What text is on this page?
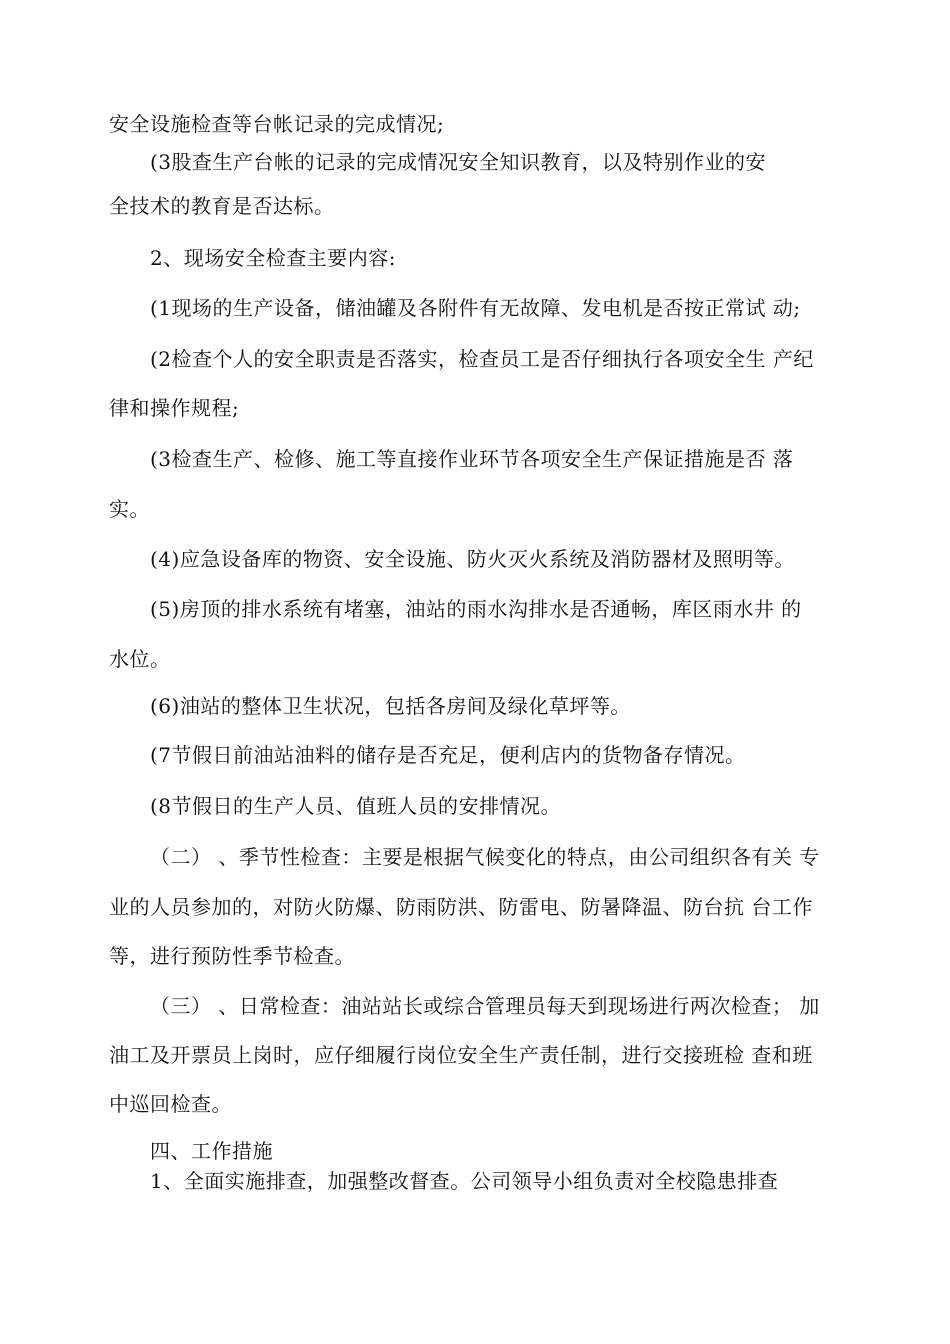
安全设施检查等台帐记录的完成情况;
(3股查生产台帐的记录的完成情况安全知识教育，以及特别作业的安
全技术的教育是否达标。
2、现场安全检查主要内容:
(1现场的生产设备，储油罐及各附件有无故障、发电机是否按正常试 动;
(2检查个人的安全职责是否落实，检查员工是否仔细执行各项安全生 产纪
律和操作规程;
(3检查生产、检修、施工等直接作业环节各项安全生产保证措施是否 落
实。
(4)应急设备库的物资、安全设施、防火灭火系统及消防器材及照明等。
(5)房顶的排水系统有堵塞，油站的雨水沟排水是否通畅，库区雨水井 的
水位。
(6)油站的整体卫生状况，包括各房间及绿化草坪等。
(7节假日前油站油料的储存是否充足，便利店内的货物备存情况。
(8节假日的生产人员、值班人员的安排情况。
（二） 、季节性检查：主要是根据气候变化的特点，由公司组织各有关 专
业的人员参加的，对防火防爆、防雨防洪、防雷电、防暑降温、防台抗 台工作
等，进行预防性季节检查。
（三） 、日常检查：油站站长或综合管理员每天到现场进行两次检查； 加
油工及开票员上岗时，应仔细履行岗位安全生产责任制，进行交接班检 查和班
中巡回检查。
四、工作措施
1、全面实施排查，加强整改督查。公司领导小组负责对全校隐患排查
